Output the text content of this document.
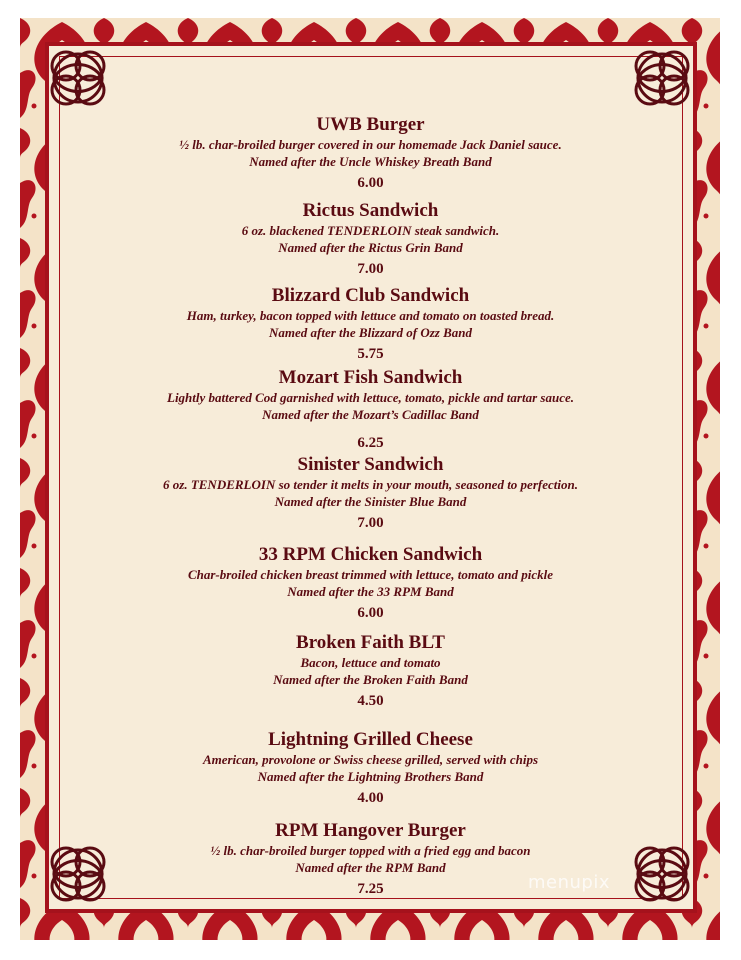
UWB Burger
½ lb. char-broiled burger covered in our homemade Jack Daniel sauce.
Named after the Uncle Whiskey Breath Band
6.00
Rictus Sandwich
6 oz. blackened TENDERLOIN steak sandwich.
Named after the Rictus Grin Band
7.00
Blizzard Club Sandwich
Ham, turkey, bacon topped with lettuce and tomato on toasted bread.
Named after the Blizzard of Ozz Band
5.75
Mozart Fish Sandwich
Lightly battered Cod garnished with lettuce, tomato, pickle and tartar sauce.
Named after the Mozart’s Cadillac Band
6.25
Sinister Sandwich
6 oz. TENDERLOIN so tender it melts in your mouth, seasoned to perfection.
Named after the Sinister Blue Band
7.00
33 RPM Chicken Sandwich
Char-broiled chicken breast trimmed with lettuce, tomato and pickle
Named after the 33 RPM Band
6.00
Broken Faith BLT
Bacon, lettuce and tomato
Named after the Broken Faith Band
4.50
Lightning Grilled Cheese
American, provolone or Swiss cheese grilled, served with chips
Named after the Lightning Brothers Band
4.00
RPM Hangover Burger
½ lb. char-broiled burger topped with a fried egg and bacon
Named after the RPM Band
7.25	menupix
